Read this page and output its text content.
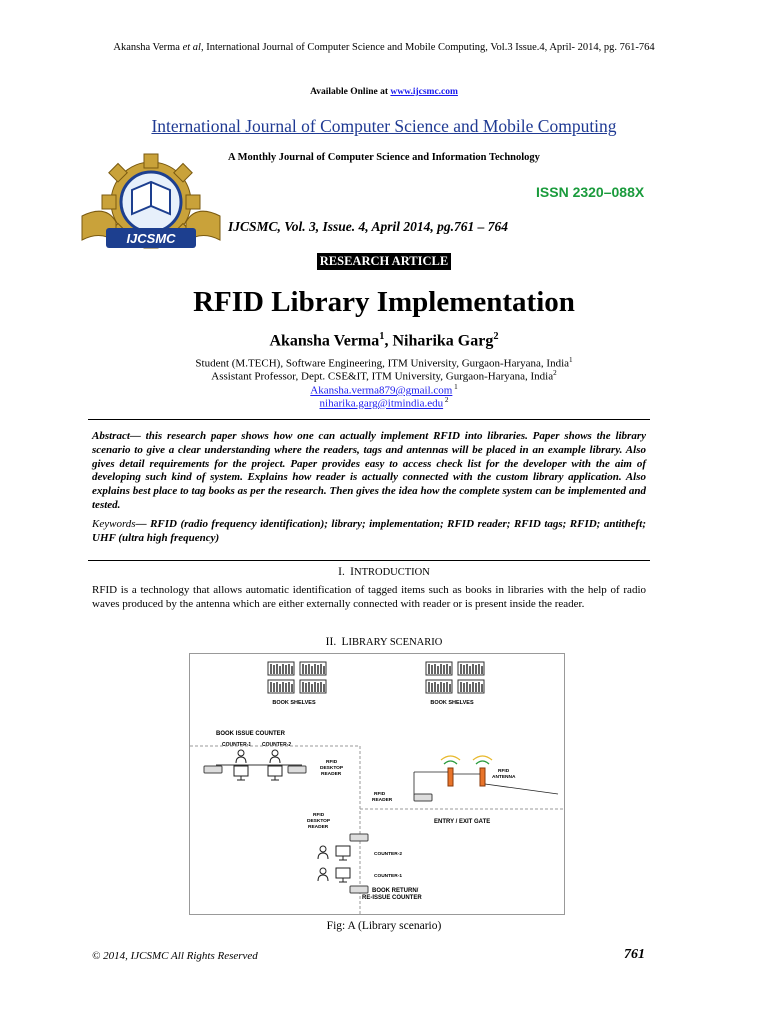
Akansha Verma et al, International Journal of Computer Science and Mobile Computing, Vol.3 Issue.4, April- 2014, pg. 761-764
Available Online at www.ijcsmc.com
International Journal of Computer Science and Mobile Computing
A Monthly Journal of Computer Science and Information Technology
ISSN 2320–088X
IJCSMC, Vol. 3, Issue. 4, April 2014, pg.761 – 764
IJCSMC
RESEARCH ARTICLE
RFID Library Implementation
Akansha Verma$^1$, Niharika Garg$^2$
Student (M.TECH), Software Engineering, ITM University, Gurgaon-Haryana, India$^1$
Assistant Professor, Dept. CSE&IT, ITM University, Gurgaon-Haryana, India$^2$
Akansha.verma879@gmail.com $^1$
niharika.garg@itmindia.edu $^2$
Abstract— this research paper shows how one can actually implement RFID into libraries. Paper shows the library scenario to give a clear understanding where the readers, tags and antennas will be placed in an example library. Also gives detail requirements for the project. Paper provides easy to access check list for the developer with the aim of developing such kind of system. Explains how reader is actually connected with the custom library application. Also explains best place to tag books as per the research. Then gives the idea how the complete system can be implemented and tested.
Keywords— RFID (radio frequency identification); library; implementation; RFID reader; RFID tags; RFID; antitheft; UHF (ultra high frequency)
I. INTRODUCTION
RFID is a technology that allows automatic identification of tagged items such as books in libraries with the help of radio waves produced by the antenna which are either externally connected with reader or is present inside the reader.
II. LIBRARY SCENARIO
BOOK SHELVES	BOOK SHELVES
BOOK ISSUE COUNTER
COUNTER-1 COUNTER-2
RFID DESKTOP READER
RFID READER
RFID ANTENNA
ENTRY / EXIT GATE
RFID DESKTOP READER
COUNTER-2
COUNTER-1
BOOK RETURN/ RE-ISSUE COUNTER
Fig: A (Library scenario)
© 2014, IJCSMC All Rights Reserved	761
